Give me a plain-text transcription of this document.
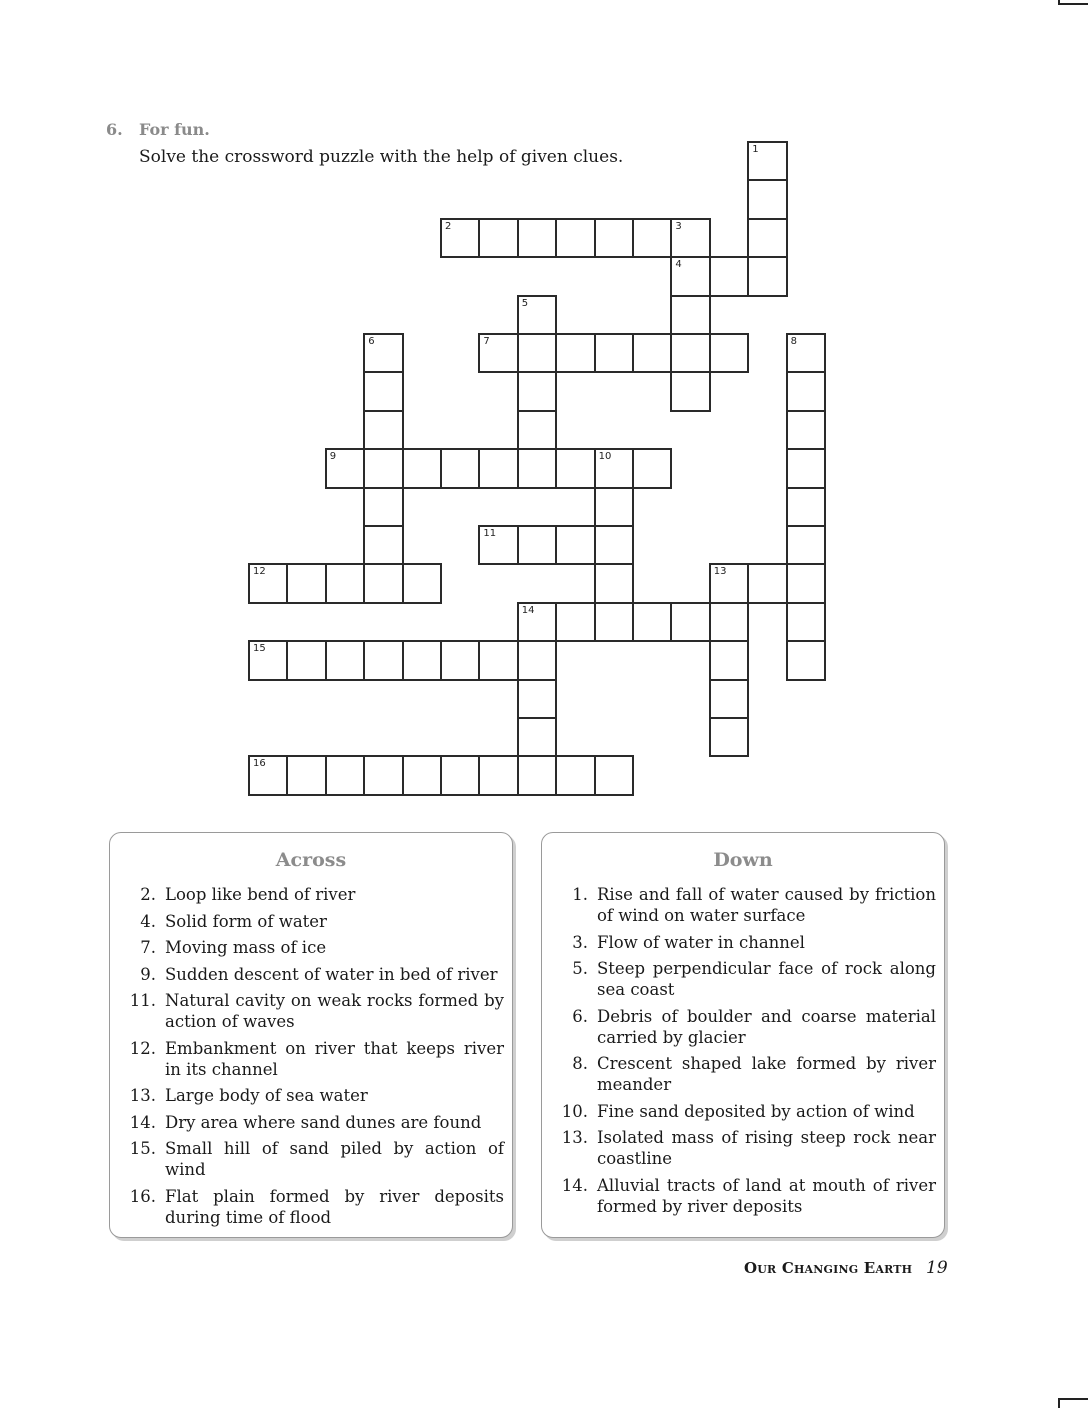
6. For fun.
Solve the crossword puzzle with the help of given clues.
2	3
4
7
9	10
11
12	13
14
15
16
1
5
6	8
Across
2. Loop like bend of river
4. Solid form of water
7. Moving mass of ice
9. Sudden descent of water in bed of river
11. Natural cavity on weak rocks formed by action of waves
12. Embankment on river that keeps river in its channel
13. Large body of sea water
14. Dry area where sand dunes are found
15. Small hill of sand piled by action of wind
16. Flat plain formed by river deposits during time of flood
Down
1. Rise and fall of water caused by friction of wind on water surface
3. Flow of water in channel
5. Steep perpendicular face of rock along sea coast
6. Debris of boulder and coarse material carried by glacier
8. Crescent shaped lake formed by river meander
10. Fine sand deposited by action of wind
13. Isolated mass of rising steep rock near coastline
14. Alluvial tracts of land at mouth of river formed by river deposits
Our Changing Earth 19
